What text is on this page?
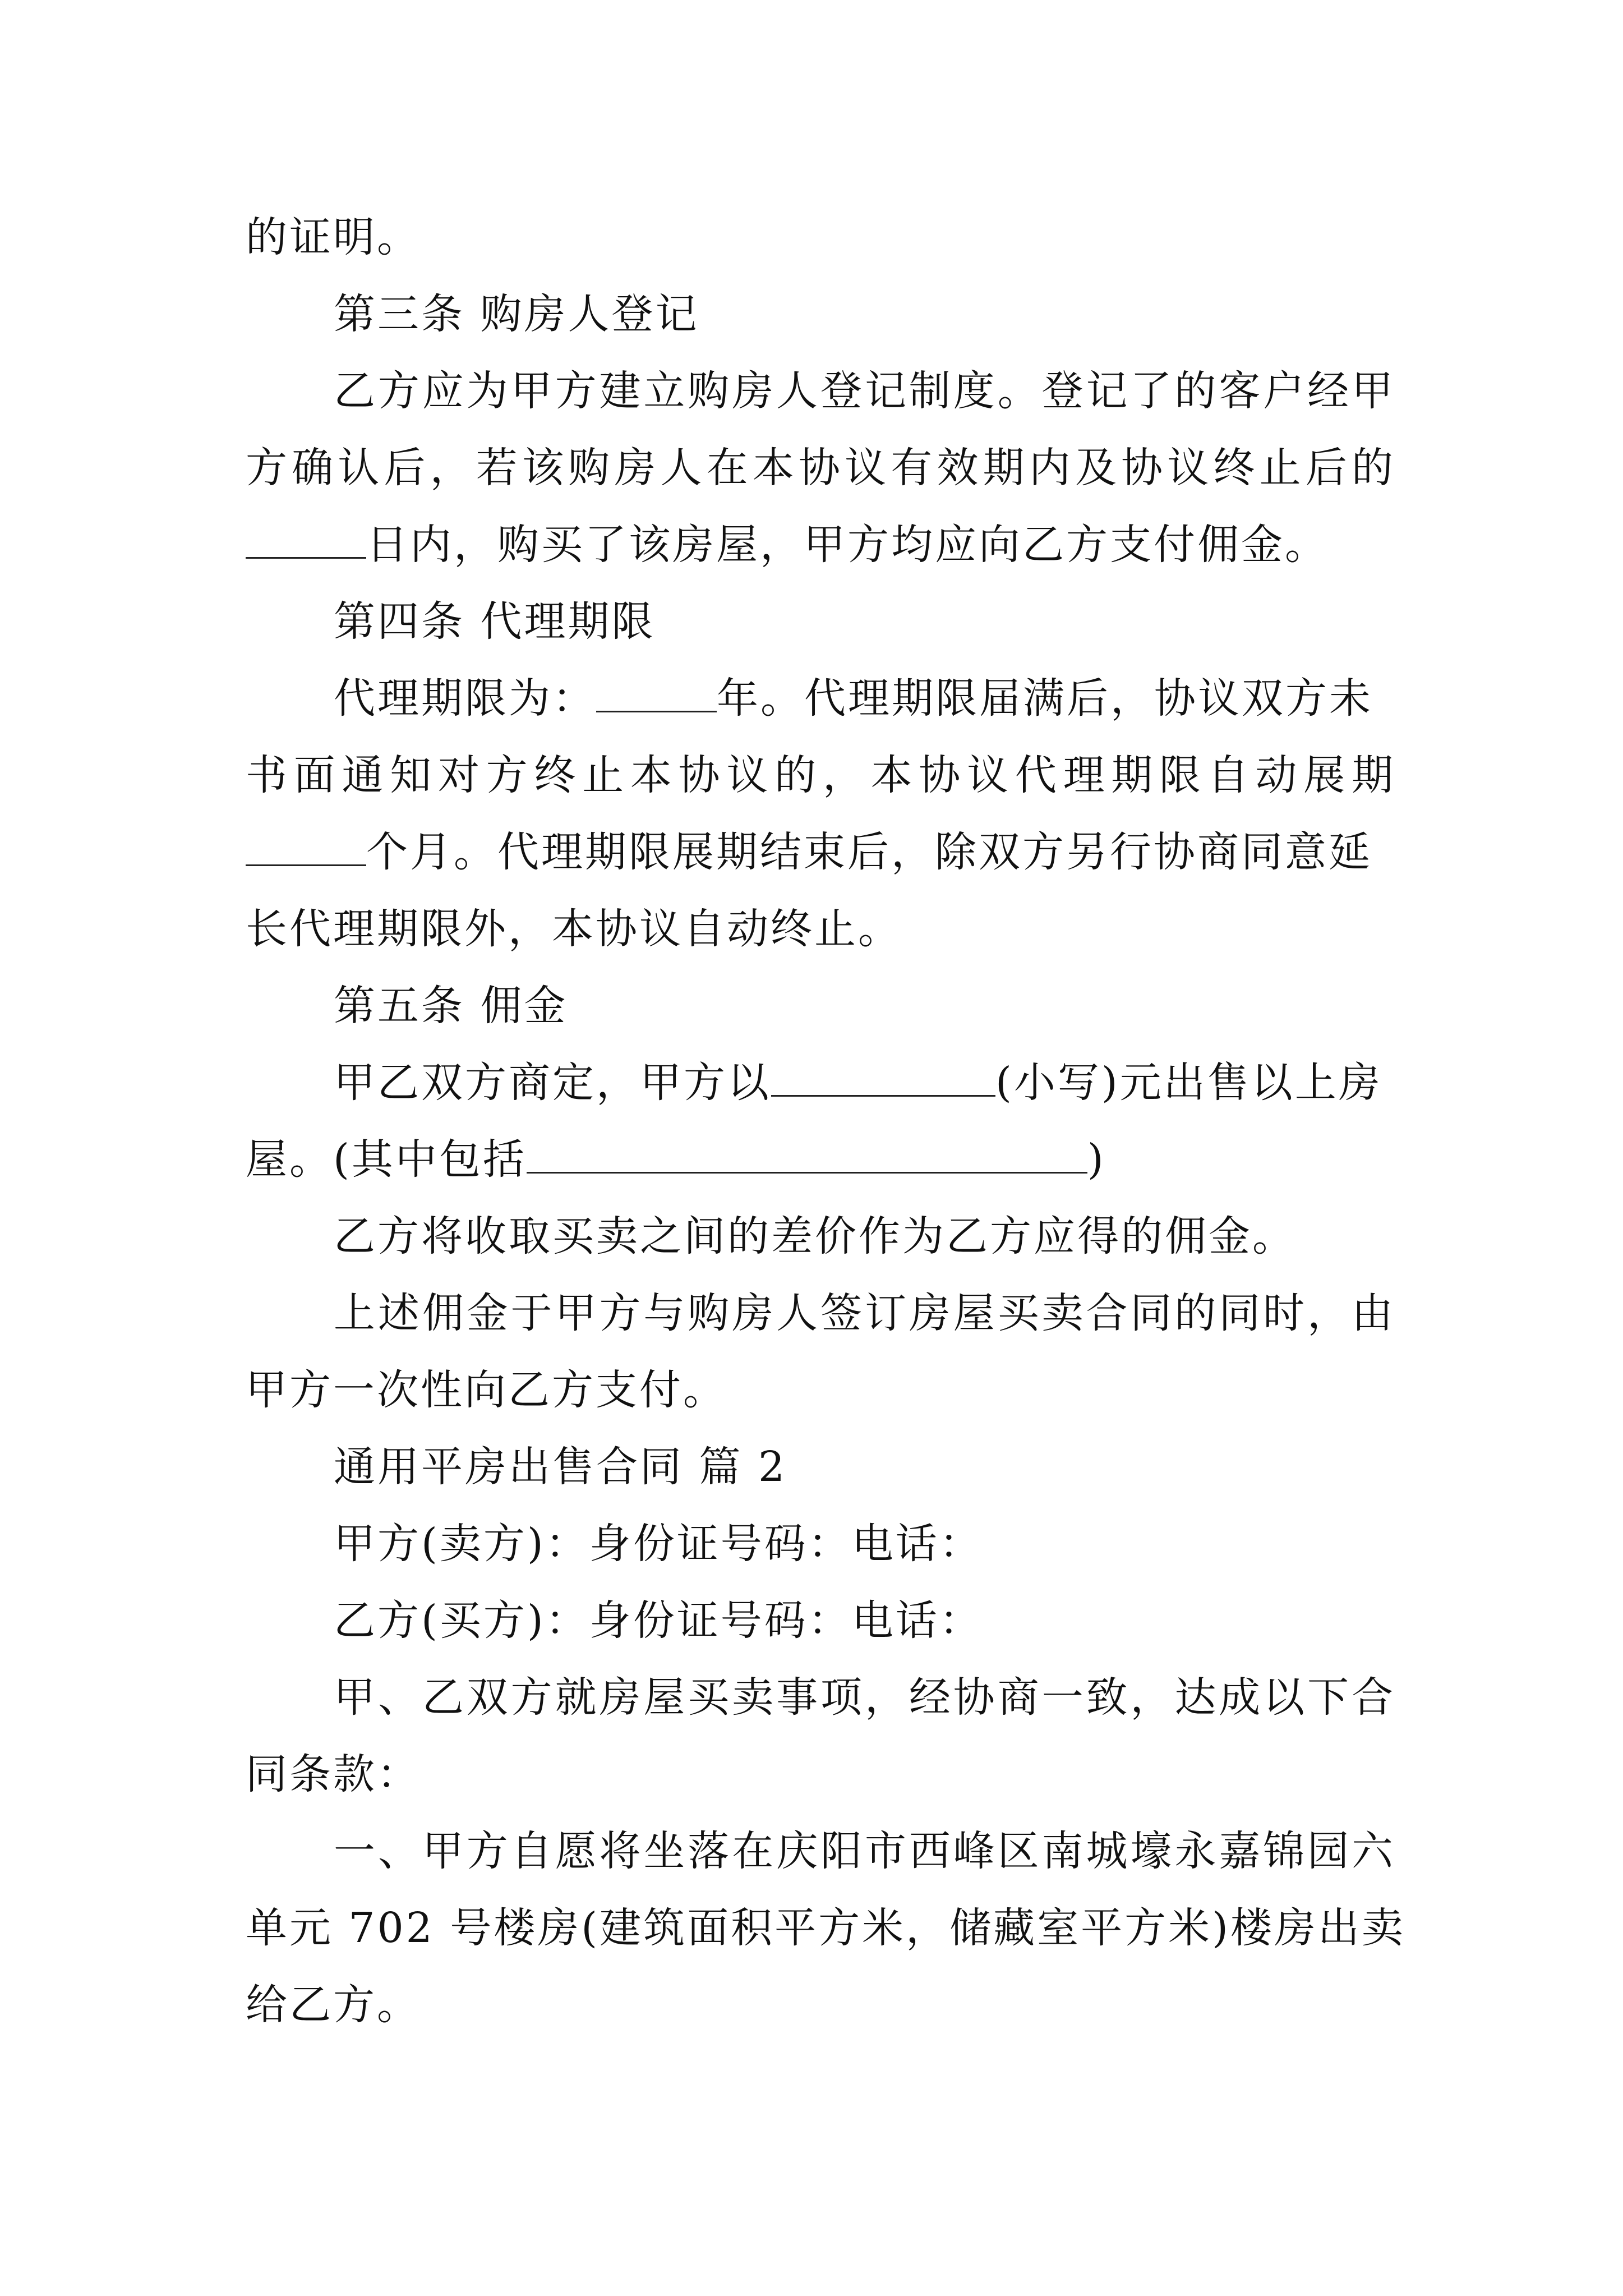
的证明。

第三条 购房人登记

乙方应为甲方建立购房人登记制度。登记了的客户经甲

方确认后，若该购房人在本协议有效期内及协议终止后的

日内，购买了该房屋，甲方均应向乙方支付佣金。

第四条 代理期限

代理期限为：	年。代理期限届满后，协议双方未

书面通知对方终止本协议的，本协议代理期限自动展期

个月。代理期限展期结束后，除双方另行协商同意延

长代理期限外，本协议自动终止。

第五条 佣金

甲乙双方商定，甲方以	(小写)元出售以上房

屋。(其中包括	)

乙方将收取买卖之间的差价作为乙方应得的佣金。

上述佣金于甲方与购房人签订房屋买卖合同的同时，由

甲方一次性向乙方支付。

通用平房出售合同 篇 2

甲方(卖方)：身份证号码：电话：

乙方(买方)：身份证号码：电话：

甲、乙双方就房屋买卖事项，经协商一致，达成以下合

同条款：

一、甲方自愿将坐落在庆阳市西峰区南城壕永嘉锦园六

单元 702 号楼房(建筑面积平方米，储藏室平方米)楼房出卖

给乙方。
